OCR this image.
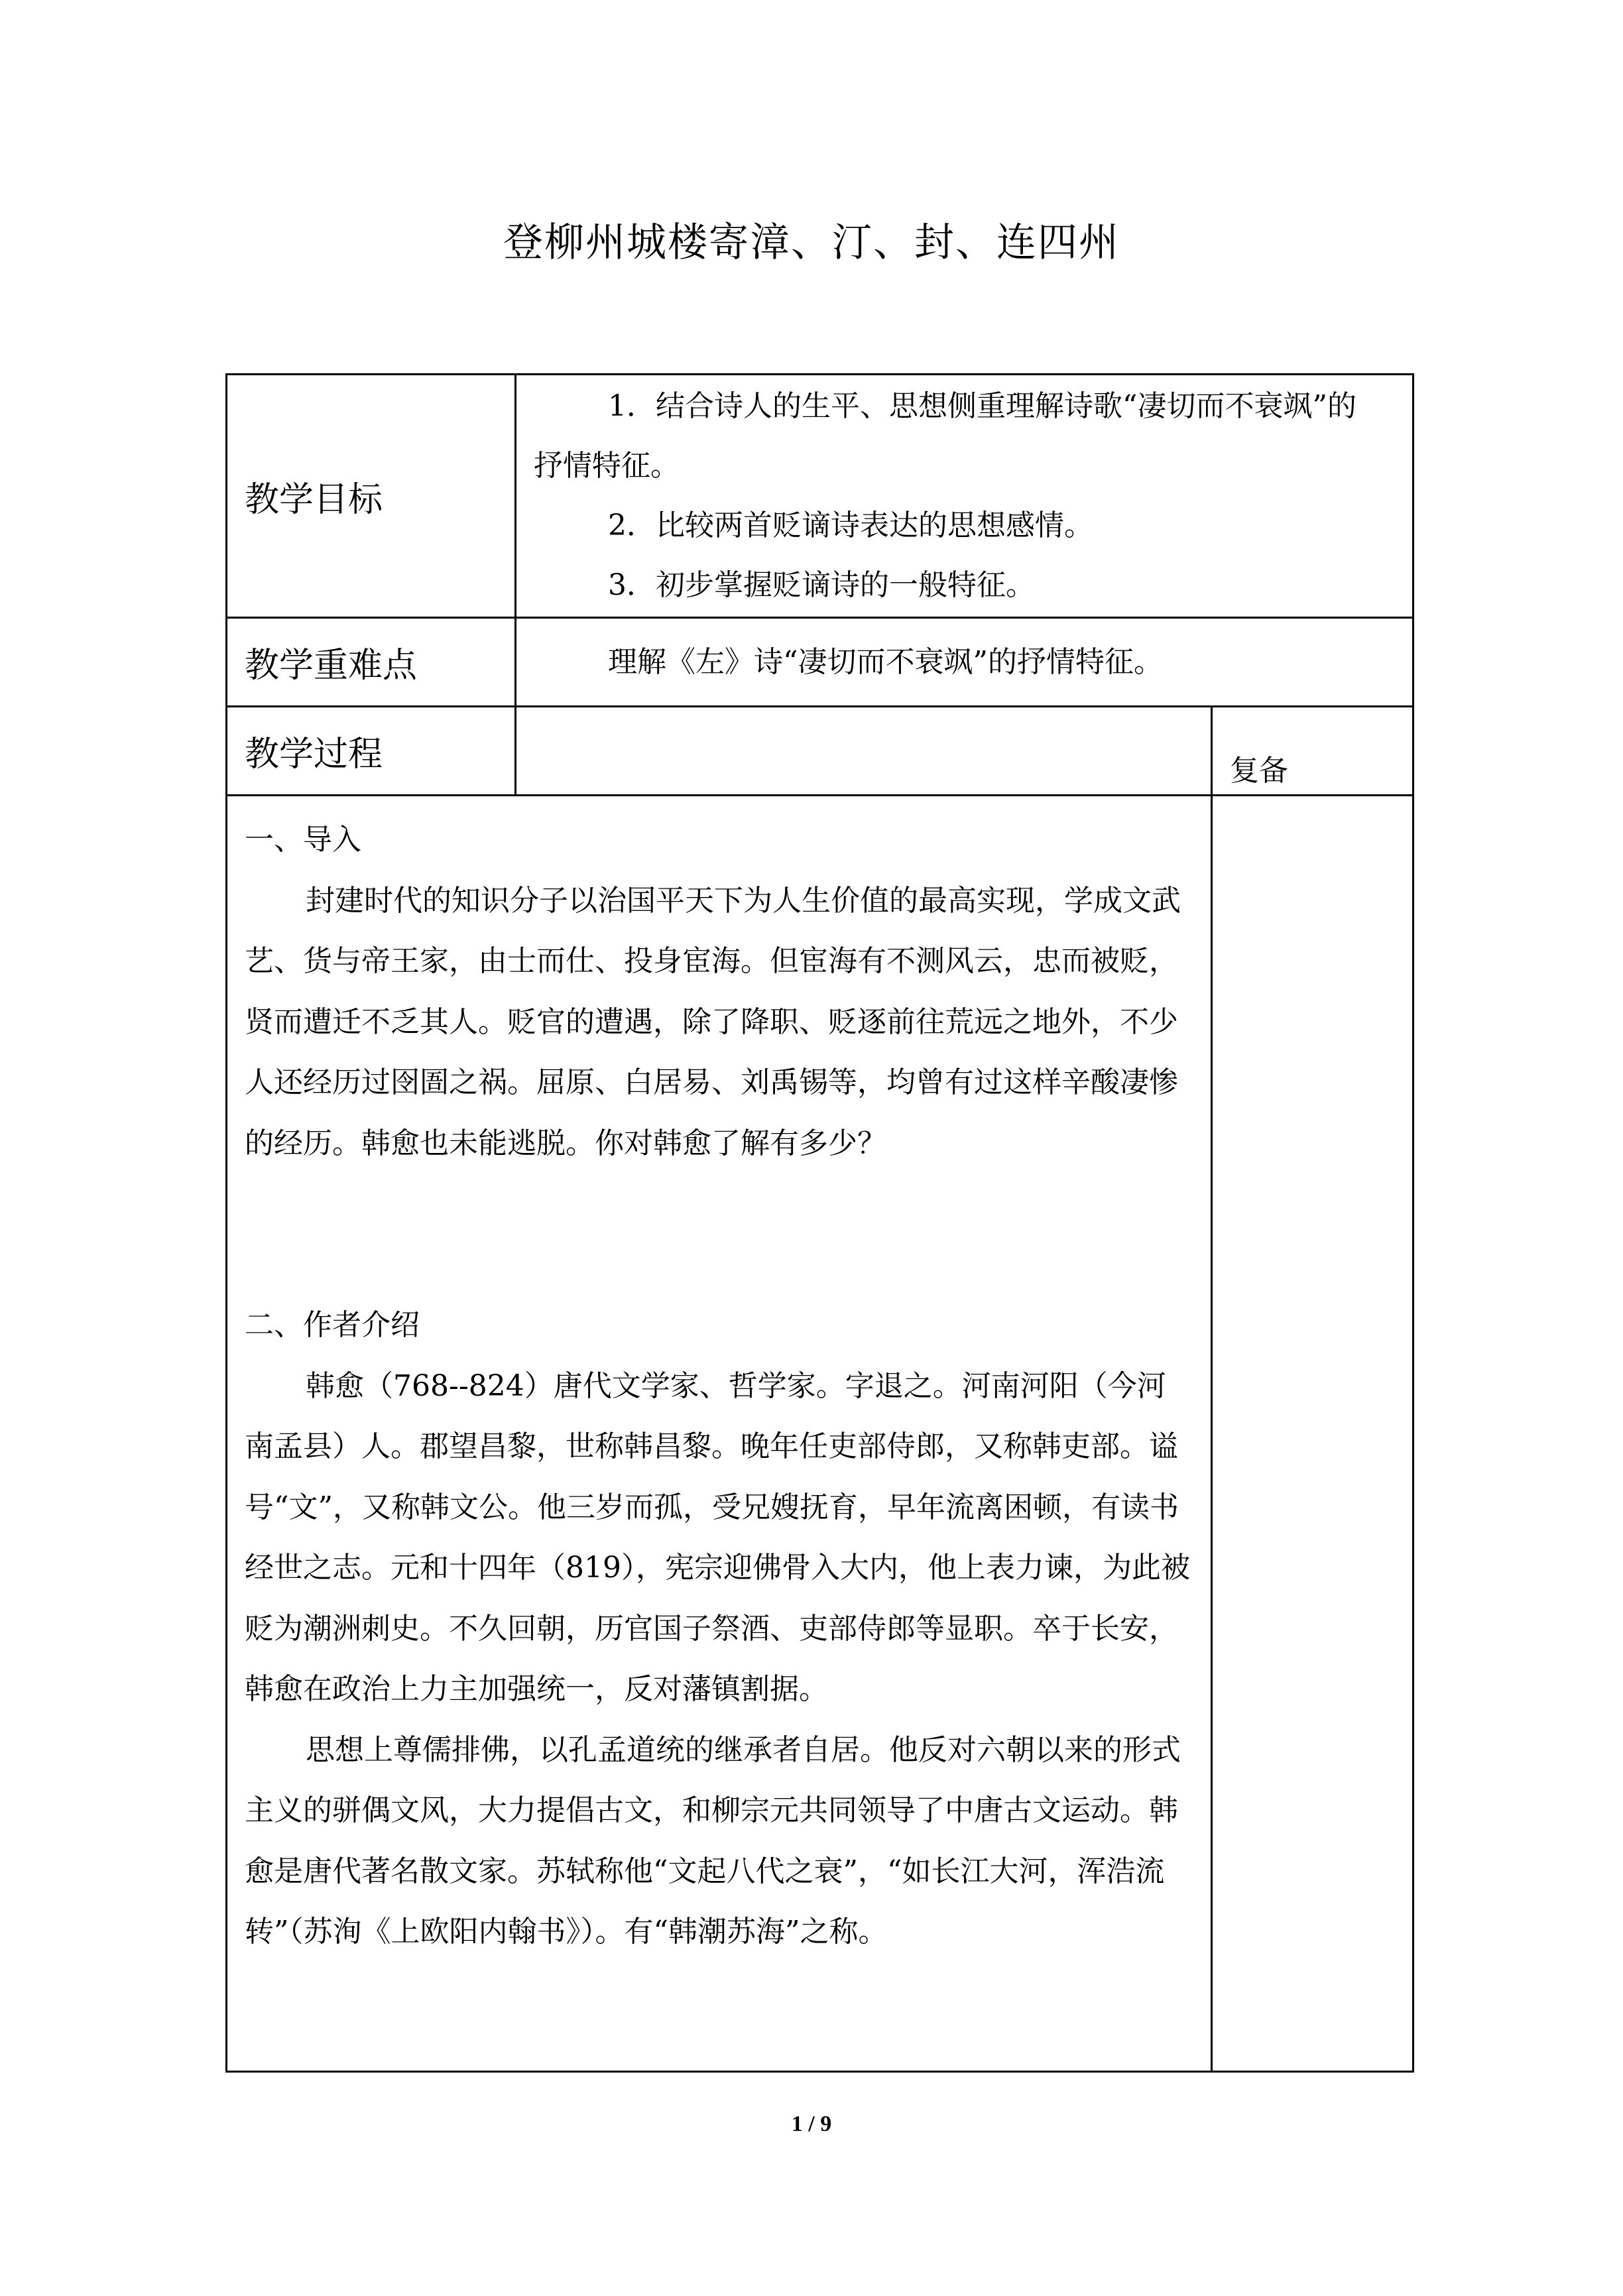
登柳州城楼寄漳、汀、封、连四州
教学目标	1．结合诗人的生平、思想侧重理解诗歌“凄切而不衰飒”的抒情特征。

2．比较两首贬谪诗表达的思想感情。

3．初步掌握贬谪诗的一般特征。	

教学重难点	理解《左》诗“凄切而不衰飒”的抒情特征。	

教学过程		复备

一、导入

封建时代的知识分子以治国平天下为人生价值的最高实现，学成文武艺、货与帝王家，由士而仕、投身宦海。但宦海有不测风云，忠而被贬，贤而遭迁不乏其人。贬官的遭遇，除了降职、贬逐前往荒远之地外，不少人还经历过囹圄之祸。屈原、白居易、刘禹锡等，均曾有过这样辛酸凄惨的经历。韩愈也未能逃脱。你对韩愈了解有多少？

二、作者介绍

韩愈（768--824）唐代文学家、哲学家。字退之。河南河阳（今河南孟县）人。郡望昌黎，世称韩昌黎。晚年任吏部侍郎，又称韩吏部。谥号“文”，又称韩文公。他三岁而孤，受兄嫂抚育，早年流离困顿，有读书经世之志。元和十四年（819），宪宗迎佛骨入大内，他上表力谏，为此被贬为潮洲刺史。不久回朝，历官国子祭酒、吏部侍郎等显职。卒于长安，韩愈在政治上力主加强统一，反对藩镇割据。

思想上尊儒排佛，以孔孟道统的继承者自居。他反对六朝以来的形式主义的骈偶文风，大力提倡古文，和柳宗元共同领导了中唐古文运动。韩愈是唐代著名散文家。苏轼称他“文起八代之衰”，“如长江大河，浑浩流转”（苏洵《上欧阳内翰书》）。有“韩潮苏海”之称。		

1 / 9
